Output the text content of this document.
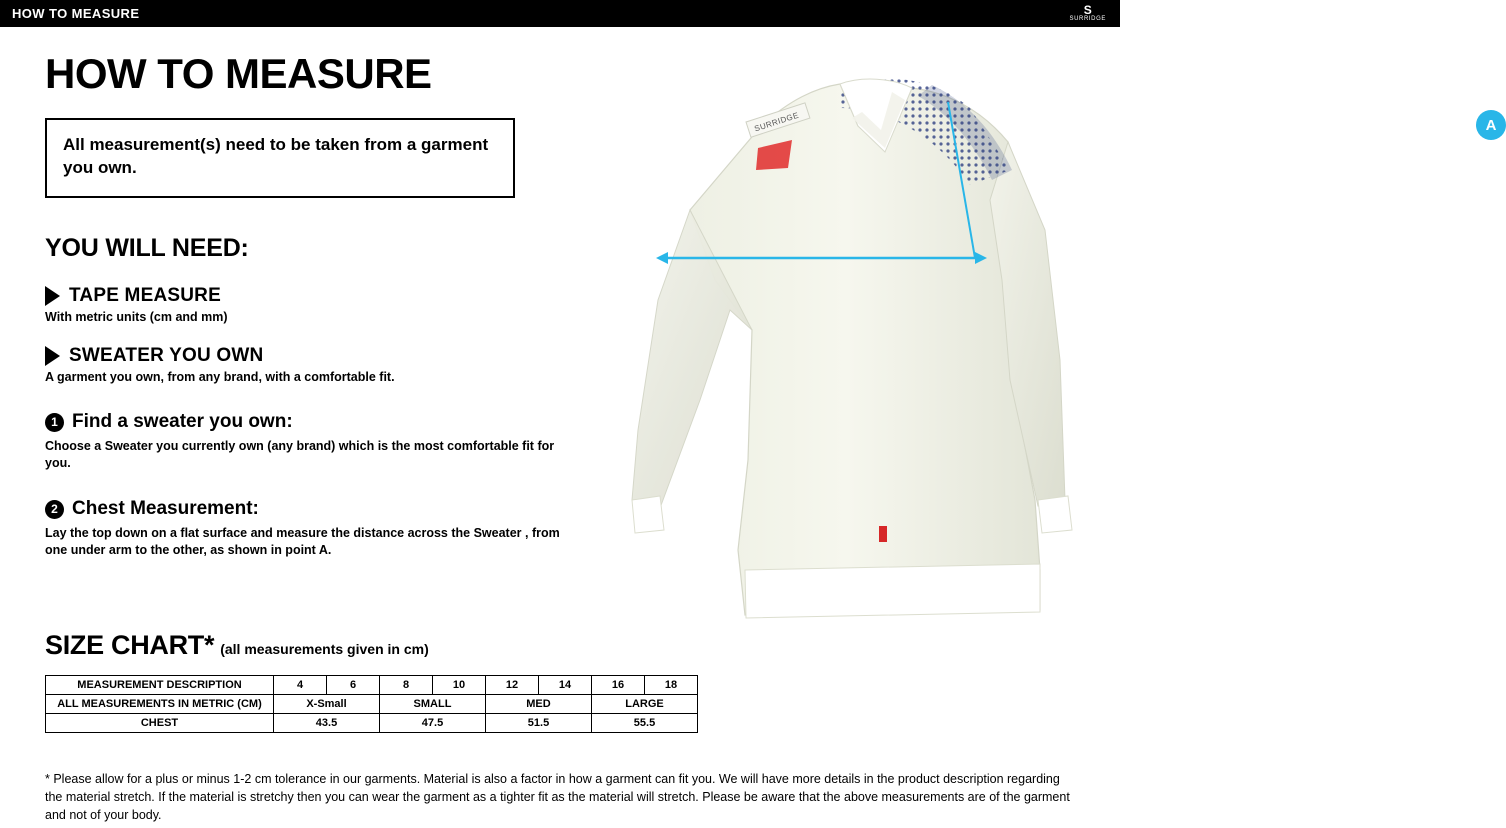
HOW TO MEASURE	S
SURRIDGE
HOW TO MEASURE

All measurement(s) need to be taken from a garment you own.

YOU WILL NEED:
TAPE MEASURE

With metric units (cm and mm)

SWEATER YOU OWN

A garment you own, from any brand, with a comfortable fit.

1 Find a sweater you own:

Choose a Sweater you currently own (any brand) which is the most comfortable fit for you.

2 Chest Measurement:

Lay the top down on a flat surface and measure the distance across the Sweater , from one under arm to the other, as shown in point A.

SURRIDGE	A
SIZE CHART* (all measurements given in cm)
MEASUREMENT DESCRIPTION	4	6	8	10	12	14	16	18
ALL MEASUREMENTS IN METRIC (CM)	X-Small		SMALL		MED		LARGE	
CHEST	43.5		47.5		51.5		55.5	
* Please allow for a plus or minus 1-2 cm tolerance in our garments. Material is also a factor in how a garment can fit you. We will have more details in the product description regarding the material stretch. If the material is stretchy then you can wear the garment as a tighter fit as the material will stretch. Please be aware that the above measurements are of the garment and not of your body.
